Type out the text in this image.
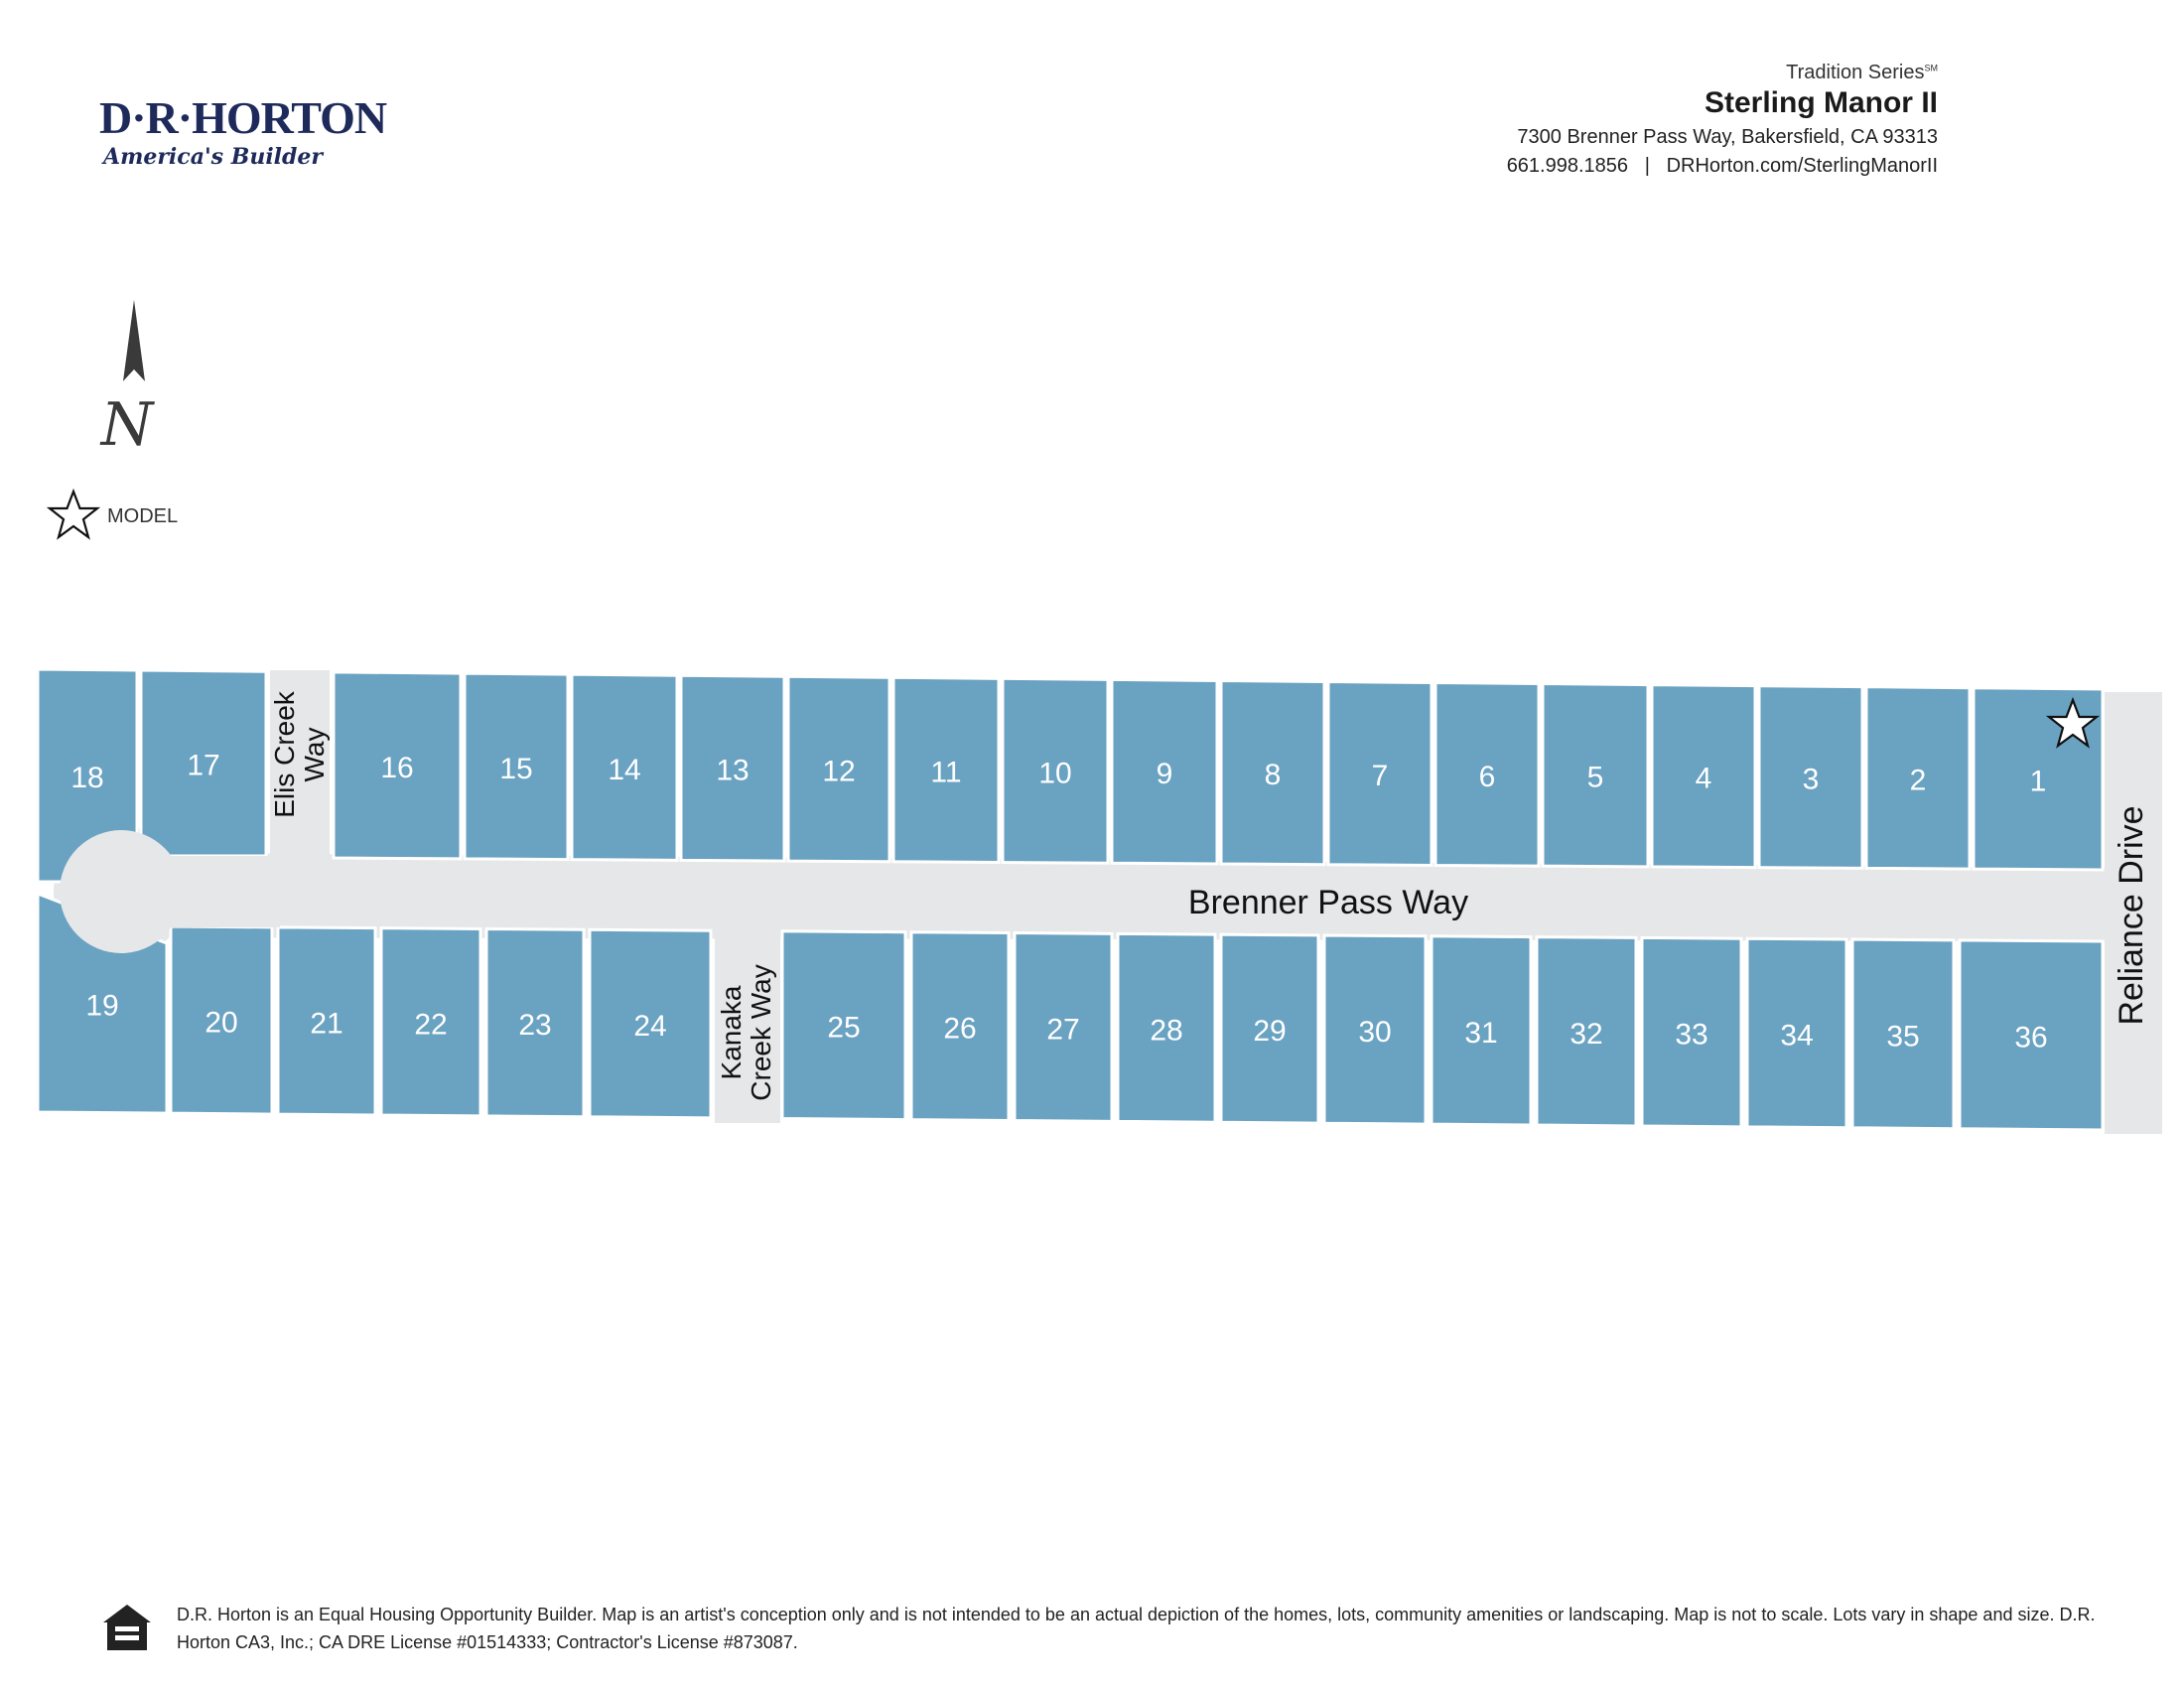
D·R·HORTON
America's Builder
Tradition Series℠
Sterling Manor II
7300 Brenner Pass Way, Bakersfield, CA 93313
661.998.1856   |   DRHorton.com/SterlingManorII
N
MODEL
18	17	16	15	14	13 12	11	10	9	8	7	6	5	4	3	2	1
19
20 21 22 23	24	25	26 27 28 29 30 31 32 33 34 35	36
Brenner Pass Way	Reliance Drive
Elis Creek Way
Kanaka Creek Way
D.R. Horton is an Equal Housing Opportunity Builder. Map is an artist's conception only and is not intended to be an actual depiction of the homes, lots, community amenities or landscaping. Map is not to scale. Lots vary in shape and size. D.R. Horton CA3, Inc.; CA DRE License #01514333; Contractor's License #873087.
